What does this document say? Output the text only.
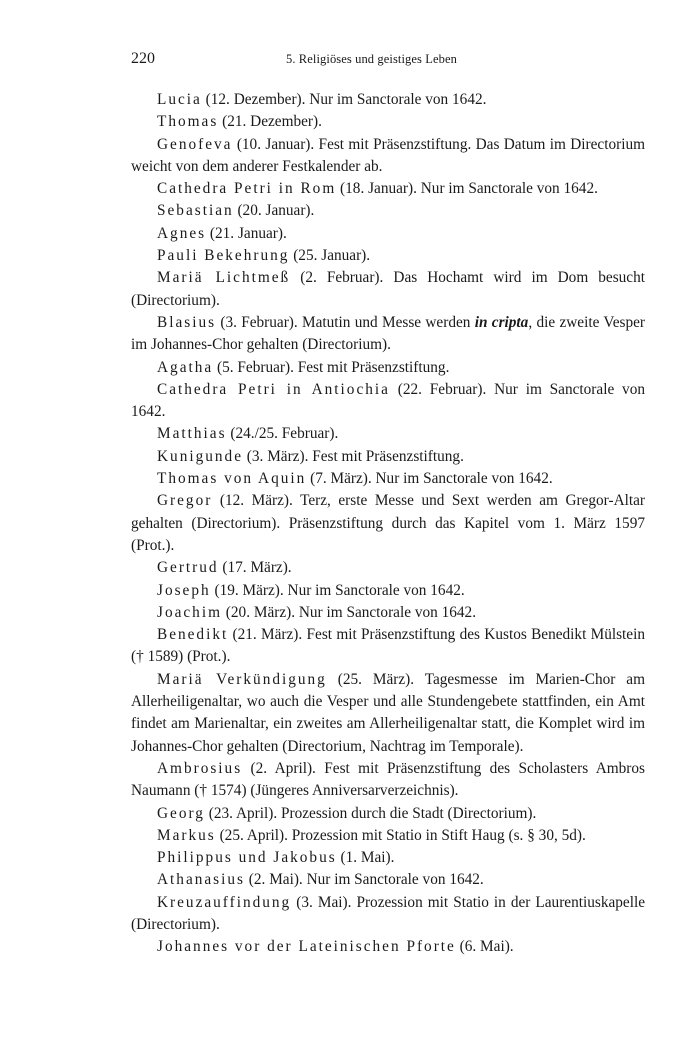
220	5. Religiöses und geistiges Leben

Lucia (12. Dezember). Nur im Sanctorale von 1642.

Thomas (21. Dezember).

Genofeva (10. Januar). Fest mit Präsenzstiftung. Das Datum im Directorium weicht von dem anderer Festkalender ab.

Cathedra Petri in Rom (18. Januar). Nur im Sanctorale von 1642.

Sebastian (20. Januar).

Agnes (21. Januar).

Pauli Bekehrung (25. Januar).

Mariä Lichtmeß (2. Februar). Das Hochamt wird im Dom besucht (Directorium).

Blasius (3. Februar). Matutin und Messe werden in cripta, die zweite Vesper im Johannes-Chor gehalten (Directorium).

Agatha (5. Februar). Fest mit Präsenzstiftung.

Cathedra Petri in Antiochia (22. Februar). Nur im Sanctorale von 1642.

Matthias (24./25. Februar).

Kunigunde (3. März). Fest mit Präsenzstiftung.

Thomas von Aquin (7. März). Nur im Sanctorale von 1642.

Gregor (12. März). Terz, erste Messe und Sext werden am Gregor-Altar gehalten (Directorium). Präsenzstiftung durch das Kapitel vom 1. März 1597 (Prot.).

Gertrud (17. März).

Joseph (19. März). Nur im Sanctorale von 1642.

Joachim (20. März). Nur im Sanctorale von 1642.

Benedikt (21. März). Fest mit Präsenzstiftung des Kustos Benedikt Mülstein († 1589) (Prot.).

Mariä Verkündigung (25. März). Tagesmesse im Marien-Chor am Allerheiligenaltar, wo auch die Vesper und alle Stundengebete stattfinden, ein Amt findet am Marienaltar, ein zweites am Allerheiligenaltar statt, die Komplet wird im Johannes-Chor gehalten (Directorium, Nachtrag im Temporale).

Ambrosius (2. April). Fest mit Präsenzstiftung des Scholasters Ambros Naumann († 1574) (Jüngeres Anniversarverzeichnis).

Georg (23. April). Prozession durch die Stadt (Directorium).

Markus (25. April). Prozession mit Statio in Stift Haug (s. § 30, 5d).

Philippus und Jakobus (1. Mai).

Athanasius (2. Mai). Nur im Sanctorale von 1642.

Kreuzauffindung (3. Mai). Prozession mit Statio in der Laurentiuskapelle (Directorium).

Johannes vor der Lateinischen Pforte (6. Mai).
